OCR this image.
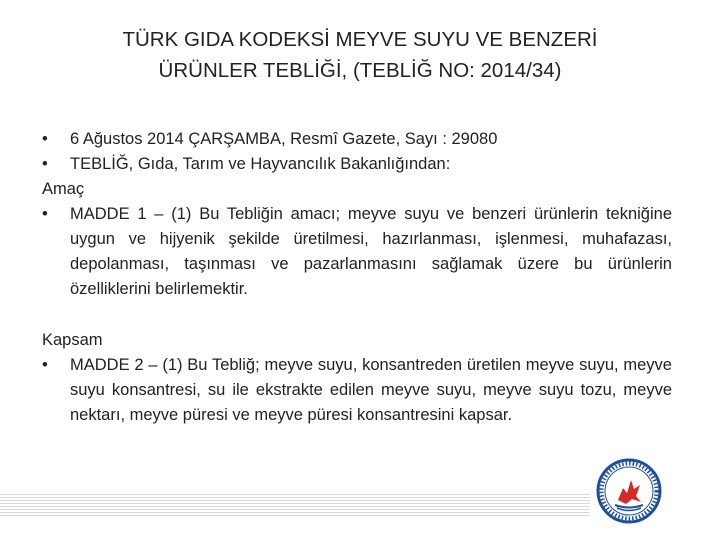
TÜRK GIDA KODEKSİ MEYVE SUYU VE BENZERİ
ÜRÜNLER TEBLİĞİ, (TEBLİĞ NO: 2014/34)
•	6 Ağustos 2014 ÇARŞAMBA, Resmî Gazete, Sayı : 29080
•	TEBLİĞ, Gıda, Tarım ve Hayvancılık Bakanlığından:
Amaç
•	MADDE 1 – (1) Bu Tebliğin amacı; meyve suyu ve benzeri ürünlerin tekniğine uygun ve hijyenik şekilde üretilmesi, hazırlanması, işlenmesi, muhafazası, depolanması, taşınması ve pazarlanmasını sağlamak üzere bu ürünlerin özelliklerini belirlemektir.
Kapsam
•	MADDE 2 – (1) Bu Tebliğ; meyve suyu, konsantreden üretilen meyve suyu, meyve suyu konsantresi, su ile ekstrakte edilen meyve suyu, meyve suyu tozu, meyve nektarı, meyve püresi ve meyve püresi konsantresini kapsar.
